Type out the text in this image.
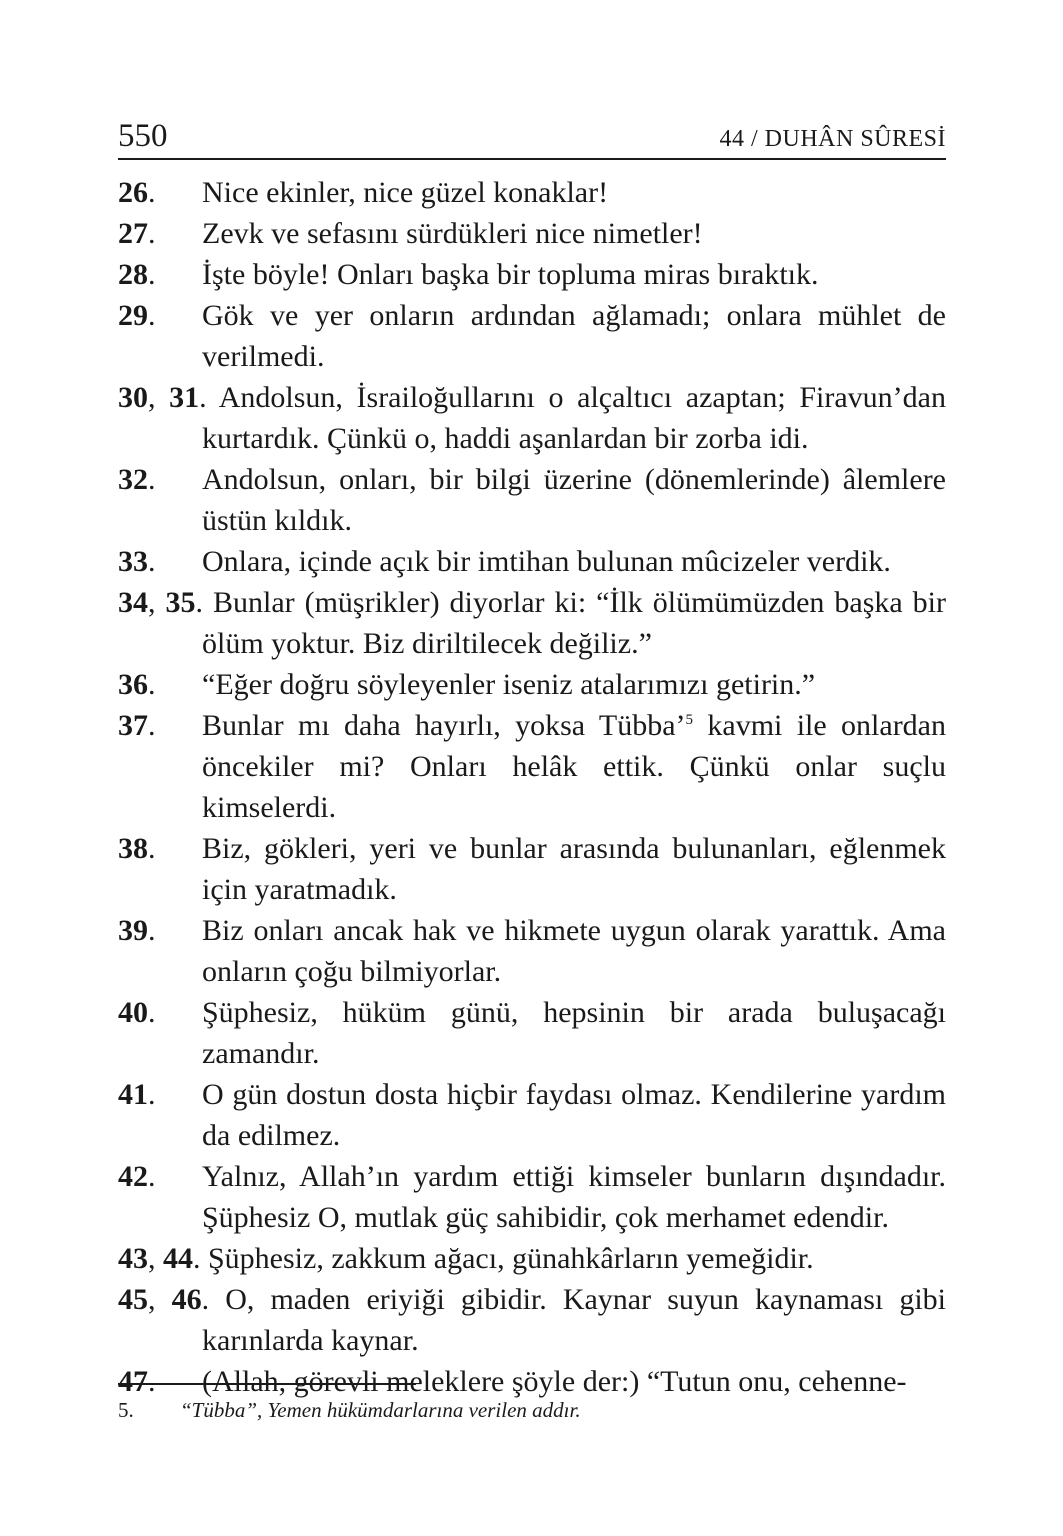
550	44 / DUHÂN SÛRESİ
26.	Nice ekinler, nice güzel konaklar!
27.	Zevk ve sefasını sürdükleri nice nimetler!
28.	İşte böyle! Onları başka bir topluma miras bıraktık.
29.	Gök ve yer onların ardından ağlamadı; onlara mühlet de verilmedi.
30, 31. Andolsun, İsrailoğullarını o alçaltıcı azaptan; Firavun’dan kurtardık. Çünkü o, haddi aşanlardan bir zorba idi.
32.	Andolsun, onları, bir bilgi üzerine (dönemlerinde) âlemlere üstün kıldık.
33.	Onlara, içinde açık bir imtihan bulunan mûcizeler verdik.
34, 35. Bunlar (müşrikler) diyorlar ki: “İlk ölümümüzden başka bir ölüm yoktur. Biz diriltilecek değiliz.”
36.	“Eğer doğru söyleyenler iseniz atalarımızı getirin.”
37.	Bunlar mı daha hayırlı, yoksa Tübba’$^5$ kavmi ile onlardan öncekiler mi? Onları helâk ettik. Çünkü onlar suçlu kimselerdi.
38.	Biz, gökleri, yeri ve bunlar arasında bulunanları, eğlenmek için yaratmadık.
39.	Biz onları ancak hak ve hikmete uygun olarak yarattık. Ama onların çoğu bilmiyorlar.
40.	Şüphesiz, hüküm günü, hepsinin bir arada buluşacağı zamandır.
41.	O gün dostun dosta hiçbir faydası olmaz. Kendilerine yardım da edilmez.
42.	Yalnız, Allah’ın yardım ettiği kimseler bunların dışındadır. Şüphesiz O, mutlak güç sahibidir, çok merhamet edendir.
43, 44. Şüphesiz, zakkum ağacı, günahkârların yemeğidir.
45, 46. O, maden eriyiği gibidir. Kaynar suyun kaynaması gibi karınlarda kaynar.
47.	(Allah, görevli meleklere şöyle der:) “Tutun onu, cehenne-
5.	“Tübba”, Yemen hükümdarlarına verilen addır.
